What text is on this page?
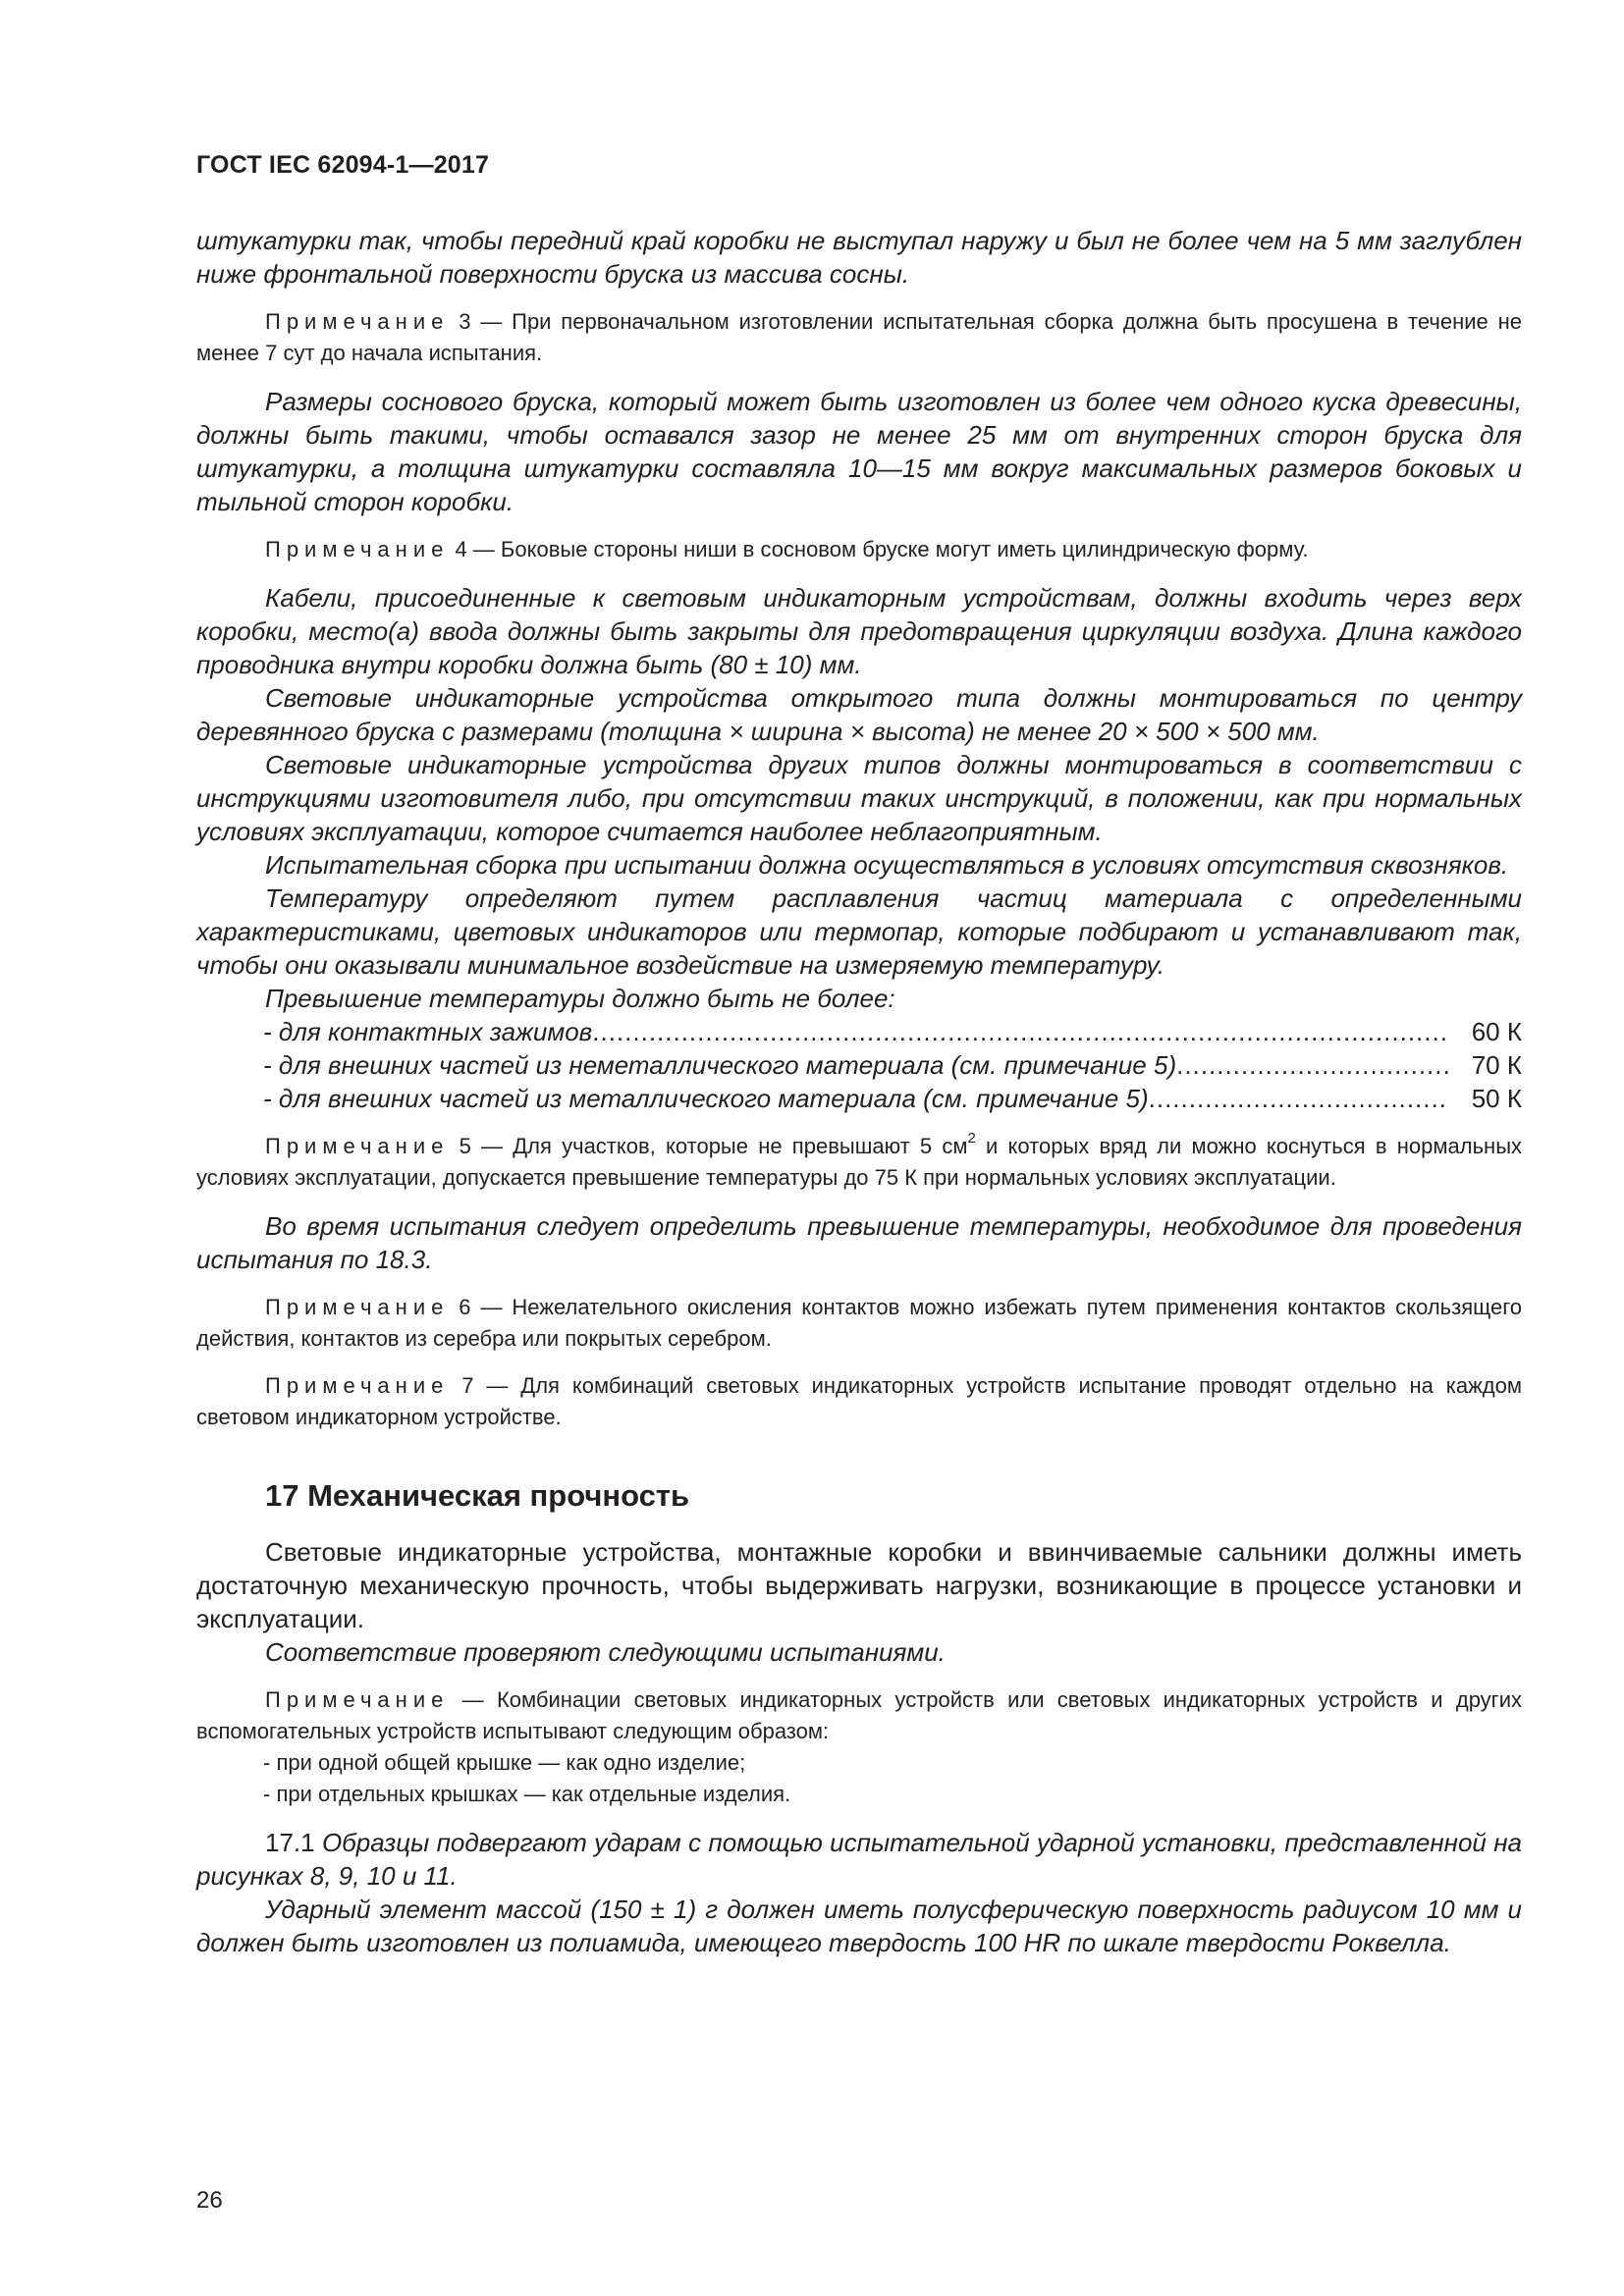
ГОСТ IEC 62094-1—2017

штукатурки так, чтобы передний край коробки не выступал наружу и был не более чем на 5 мм заглублен ниже фронтальной поверхности бруска из массива сосны.

Примечание 3 — При первоначальном изготовлении испытательная сборка должна быть просушена в течение не менее 7 сут до начала испытания.

Размеры соснового бруска, который может быть изготовлен из более чем одного куска древесины, должны быть такими, чтобы оставался зазор не менее 25 мм от внутренних сторон бруска для штукатурки, а толщина штукатурки составляла 10—15 мм вокруг максимальных размеров боковых и тыльной сторон коробки.

Примечание 4 — Боковые стороны ниши в сосновом бруске могут иметь цилиндрическую форму.

Кабели, присоединенные к световым индикаторным устройствам, должны входить через верх коробки, место(а) ввода должны быть закрыты для предотвращения циркуляции воздуха. Длина каждого проводника внутри коробки должна быть (80 ± 10) мм.

Световые индикаторные устройства открытого типа должны монтироваться по центру деревянного бруска с размерами (толщина × ширина × высота) не менее 20 × 500 × 500 мм.

Световые индикаторные устройства других типов должны монтироваться в соответствии с инструкциями изготовителя либо, при отсутствии таких инструкций, в положении, как при нормальных условиях эксплуатации, которое считается наиболее неблагоприятным.

Испытательная сборка при испытании должна осуществляться в условиях отсутствия сквозняков.

Температуру определяют путем расплавления частиц материала с определенными характеристиками, цветовых индикаторов или термопар, которые подбирают и устанавливают так, чтобы они оказывали минимальное воздействие на измеряемую температуру.

Превышение температуры должно быть не более:

- для контактных зажимов .....	60 К
- для внешних частей из неметаллического материала (см. примечание 5) .....	70 К
- для внешних частей из металлического материала (см. примечание 5) .....	50 К

Примечание 5 — Для участков, которые не превышают 5 $см^2$ и которых вряд ли можно коснуться в нормальных условиях эксплуатации, допускается превышение температуры до 75 К при нормальных условиях эксплуатации.

Во время испытания следует определить превышение температуры, необходимое для проведения испытания по 18.3.

Примечание 6 — Нежелательного окисления контактов можно избежать путем применения контактов скользящего действия, контактов из серебра или покрытых серебром.

Примечание 7 — Для комбинаций световых индикаторных устройств испытание проводят отдельно на каждом световом индикаторном устройстве.

17 Механическая прочность

Световые индикаторные устройства, монтажные коробки и ввинчиваемые сальники должны иметь достаточную механическую прочность, чтобы выдерживать нагрузки, возникающие в процессе установки и эксплуатации.

Соответствие проверяют следующими испытаниями.

Примечание — Комбинации световых индикаторных устройств или световых индикаторных устройств и других вспомогательных устройств испытывают следующим образом:

- при одной общей крышке — как одно изделие;

- при отдельных крышках — как отдельные изделия.

17.1 Образцы подвергают ударам с помощью испытательной ударной установки, представленной на рисунках 8, 9, 10 и 11.

Ударный элемент массой (150 ± 1) г должен иметь полусферическую поверхность радиусом 10 мм и должен быть изготовлен из полиамида, имеющего твердость 100 HR по шкале твердости Роквелла.

26
